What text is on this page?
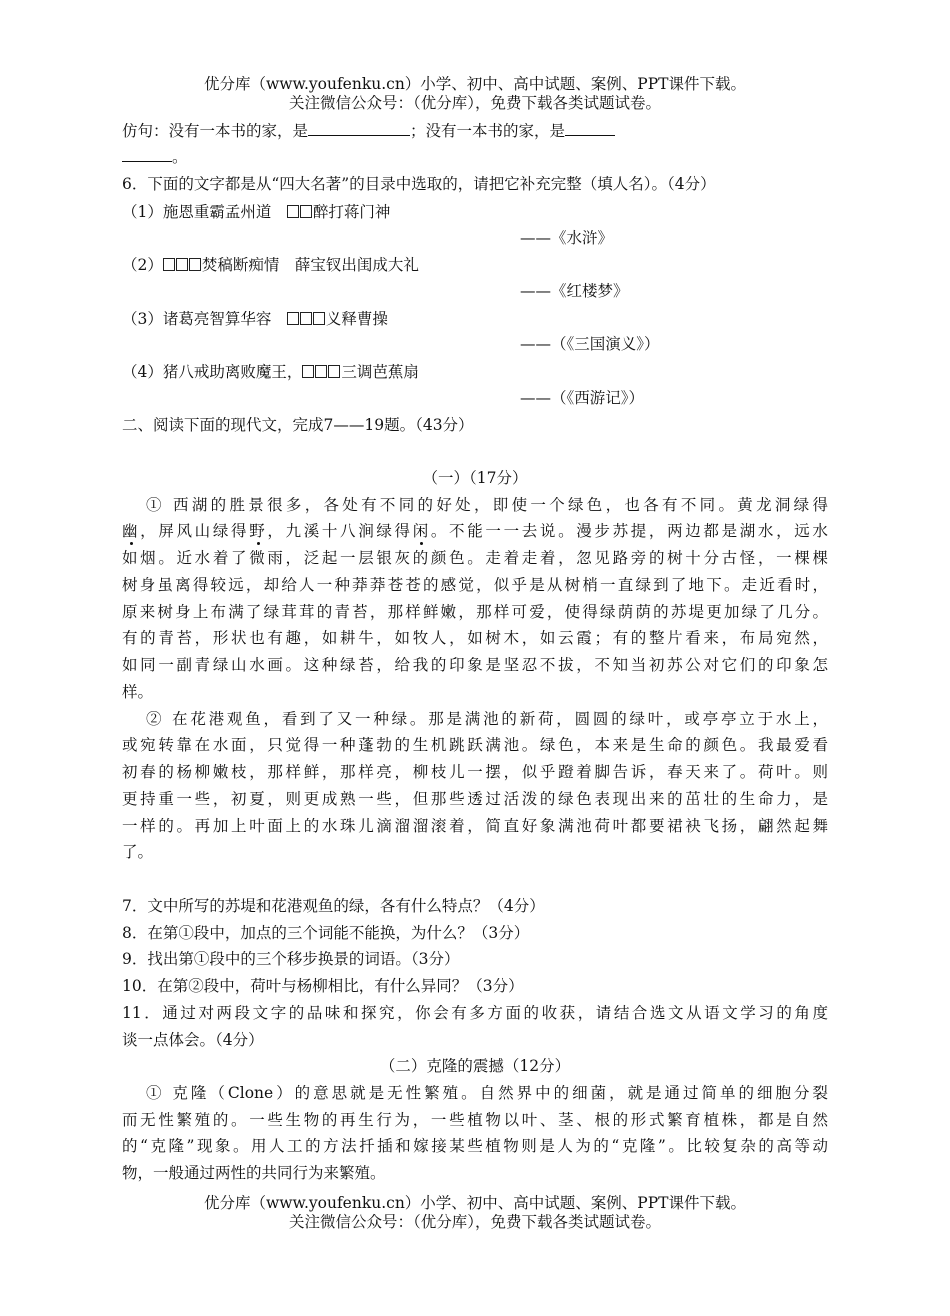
优分库（www.youfenku.cn）小学、初中、高中试题、案例、PPT课件下载。
关注微信公众号：（优分库），免费下载各类试题试卷。
仿句：没有一本书的家，是	；没有一本书的家，是
。
6．下面的文字都是从“四大名著”的目录中选取的，请把它补充完整（填人名）。（4分）
（1）施恩重霸孟州道　醉打蒋门神
——《水浒》
（2）	焚稿断痴情　薛宝钗出闺成大礼
——《红楼梦》
（3）诸葛亮智算华容　	义释曹操
——（《三国演义》）
（4）猪八戒助离败魔王，	三调芭蕉扇
——（《西游记》）
二、阅读下面的现代文，完成7——19题。（43分）
（一）（17分）
① 西湖的胜景很多，各处有不同的好处，即使一个绿色，也各有不同。黄龙洞绿得
幽，屏风山绿得野，九溪十八涧绿得闲。不能一一去说。漫步苏提，两边都是湖水，远水
如烟。近水着了微雨，泛起一层银灰的颜色。走着走着，忽见路旁的树十分古怪，一棵棵
树身虽离得较远，却给人一种莽莽苍苍的感觉，似乎是从树梢一直绿到了地下。走近看时，
原来树身上布满了绿茸茸的青苔，那样鲜嫩，那样可爱，使得绿荫荫的苏堤更加绿了几分。
有的青苔，形状也有趣，如耕牛，如牧人，如树木，如云霞；有的整片看来，布局宛然，
如同一副青绿山水画。这种绿苔，给我的印象是坚忍不拔，不知当初苏公对它们的印象怎
样。
② 在花港观鱼，看到了又一种绿。那是满池的新荷，圆圆的绿叶，或亭亭立于水上，
或宛转靠在水面，只觉得一种蓬勃的生机跳跃满池。绿色，本来是生命的颜色。我最爱看
初春的杨柳嫩枝，那样鲜，那样亮，柳枝儿一摆，似乎蹬着脚告诉，春天来了。荷叶。则
更持重一些，初夏，则更成熟一些，但那些透过活泼的绿色表现出来的茁壮的生命力，是
一样的。再加上叶面上的水珠儿滴溜溜滚着，简直好象满池荷叶都要裙袂飞扬，翩然起舞
了。
7．文中所写的苏堤和花港观鱼的绿，各有什么特点？（4分）
8．在第①段中，加点的三个词能不能换，为什么？（3分）
9．找出第①段中的三个移步换景的词语。（3分）
10．在第②段中，荷叶与杨柳相比，有什么异同？（3分）
11．通过对两段文字的品味和探究，你会有多方面的收获，请结合选文从语文学习的角度
谈一点体会。（4分）
（二）克隆的震撼（12分）
① 克隆（Clone）的意思就是无性繁殖。自然界中的细菌，就是通过简单的细胞分裂
而无性繁殖的。一些生物的再生行为，一些植物以叶、茎、根的形式繁育植株，都是自然
的“克隆”现象。用人工的方法扦插和嫁接某些植物则是人为的“克隆”。比较复杂的高等动
物，一般通过两性的共同行为来繁殖。
优分库（www.youfenku.cn）小学、初中、高中试题、案例、PPT课件下载。
关注微信公众号：（优分库），免费下载各类试题试卷。
